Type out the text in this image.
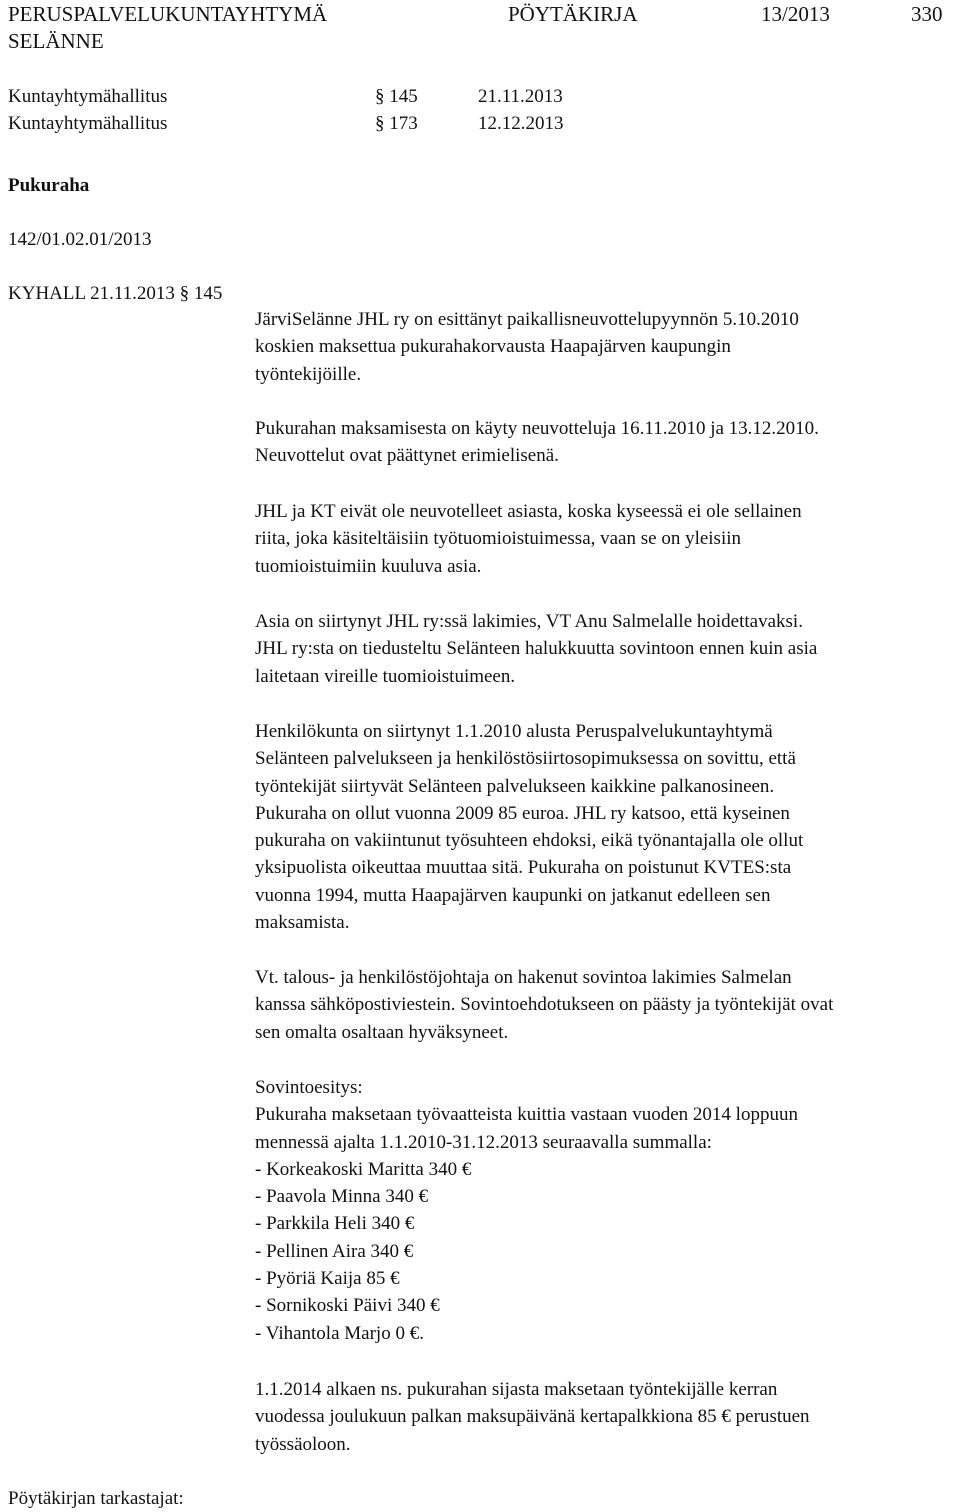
PERUSPALVELUKUNTAYHTYMÄ
SELÄNNE
PÖYTÄKIRJA	13/2013	330
Kuntayhtymähallitus	§ 145	21.11.2013
Kuntayhtymähallitus	§ 173	12.12.2013
Pukuraha
142/01.02.01/2013
KYHALL 21.11.2013 § 145
JärviSelänne JHL ry on esittänyt paikallisneuvottelupyynnön 5.10.2010
koskien maksettua pukurahakorvausta Haapajärven kaupungin
työntekijöille.
Pukurahan maksamisesta on käyty neuvotteluja 16.11.2010 ja 13.12.2010.
Neuvottelut ovat päättynet erimielisenä.
JHL ja KT eivät ole neuvotelleet asiasta, koska kyseessä ei ole sellainen
riita, joka käsiteltäisiin työtuomioistuimessa, vaan se on yleisiin
tuomioistuimiin kuuluva asia.
Asia on siirtynyt JHL ry:ssä lakimies, VT Anu Salmelalle hoidettavaksi.
JHL ry:sta on tiedusteltu Selänteen halukkuutta sovintoon ennen kuin asia
laitetaan vireille tuomioistuimeen.
Henkilökunta on siirtynyt 1.1.2010 alusta Peruspalvelukuntayhtymä
Selänteen palvelukseen ja henkilöstösiirtosopimuksessa on sovittu, että
työntekijät siirtyvät Selänteen palvelukseen kaikkine palkanosineen.
Pukuraha on ollut vuonna 2009 85 euroa. JHL ry katsoo, että kyseinen
pukuraha on vakiintunut työsuhteen ehdoksi, eikä työnantajalla ole ollut
yksipuolista oikeuttaa muuttaa sitä. Pukuraha on poistunut KVTES:sta
vuonna 1994, mutta Haapajärven kaupunki on jatkanut edelleen sen
maksamista.
Vt. talous- ja henkilöstöjohtaja on hakenut sovintoa lakimies Salmelan
kanssa sähköpostiviestein. Sovintoehdotukseen on päästy ja työntekijät ovat
sen omalta osaltaan hyväksyneet.
Sovintoesitys:
Pukuraha maksetaan työvaatteista kuittia vastaan vuoden 2014 loppuun
mennessä ajalta 1.1.2010-31.12.2013 seuraavalla summalla:
- Korkeakoski Maritta 340 €
- Paavola Minna 340 €
- Parkkila Heli 340 €
- Pellinen Aira 340 €
- Pyöriä Kaija 85 €
- Sornikoski Päivi 340 €
- Vihantola Marjo 0 €.
1.1.2014 alkaen ns. pukurahan sijasta maksetaan työntekijälle kerran
vuodessa joulukuun palkan maksupäivänä kertapalkkiona 85 € perustuen
työssäoloon.
Pöytäkirjan tarkastajat:
